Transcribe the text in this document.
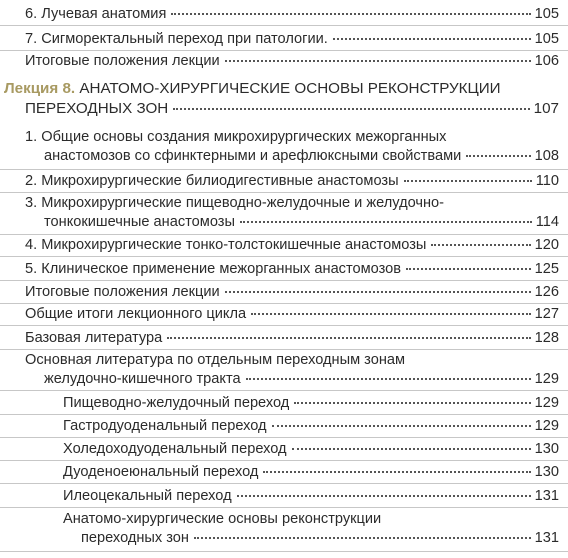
6. Лучевая анатомия	105
7. Сигморектальный переход при патологии.	105
Итоговые положения лекции	106
Лекция 8. АНАТОМО-ХИРУРГИЧЕСКИЕ ОСНОВЫ РЕКОНСТРУКЦИИ
ПЕРЕХОДНЫХ ЗОН	107
1. Общие основы создания микрохирургических межорганных
анастомозов со сфинктерными и арефлюксными свойствами	108
2. Микрохирургические билиодигестивные анастомозы	110
3. Микрохирургические пищеводно-желудочные и желудочно-
тонкокишечные анастомозы	114
4. Микрохирургические тонко-толстокишечные анастомозы	120
5. Клиническое применение межорганных анастомозов	125
Итоговые положения лекции	126
Общие итоги лекционного цикла	127
Базовая литература	128
Основная литература по отдельным переходным зонам
желудочно-кишечного тракта	129
Пищеводно-желудочный переход	129
Гастродуоденальный переход	129
Холедоходуоденальный переход	130
Дуоденоеюнальный переход	130
Илеоцекальный переход	131
Анатомо-хирургические основы реконструкции
переходных зон	131
